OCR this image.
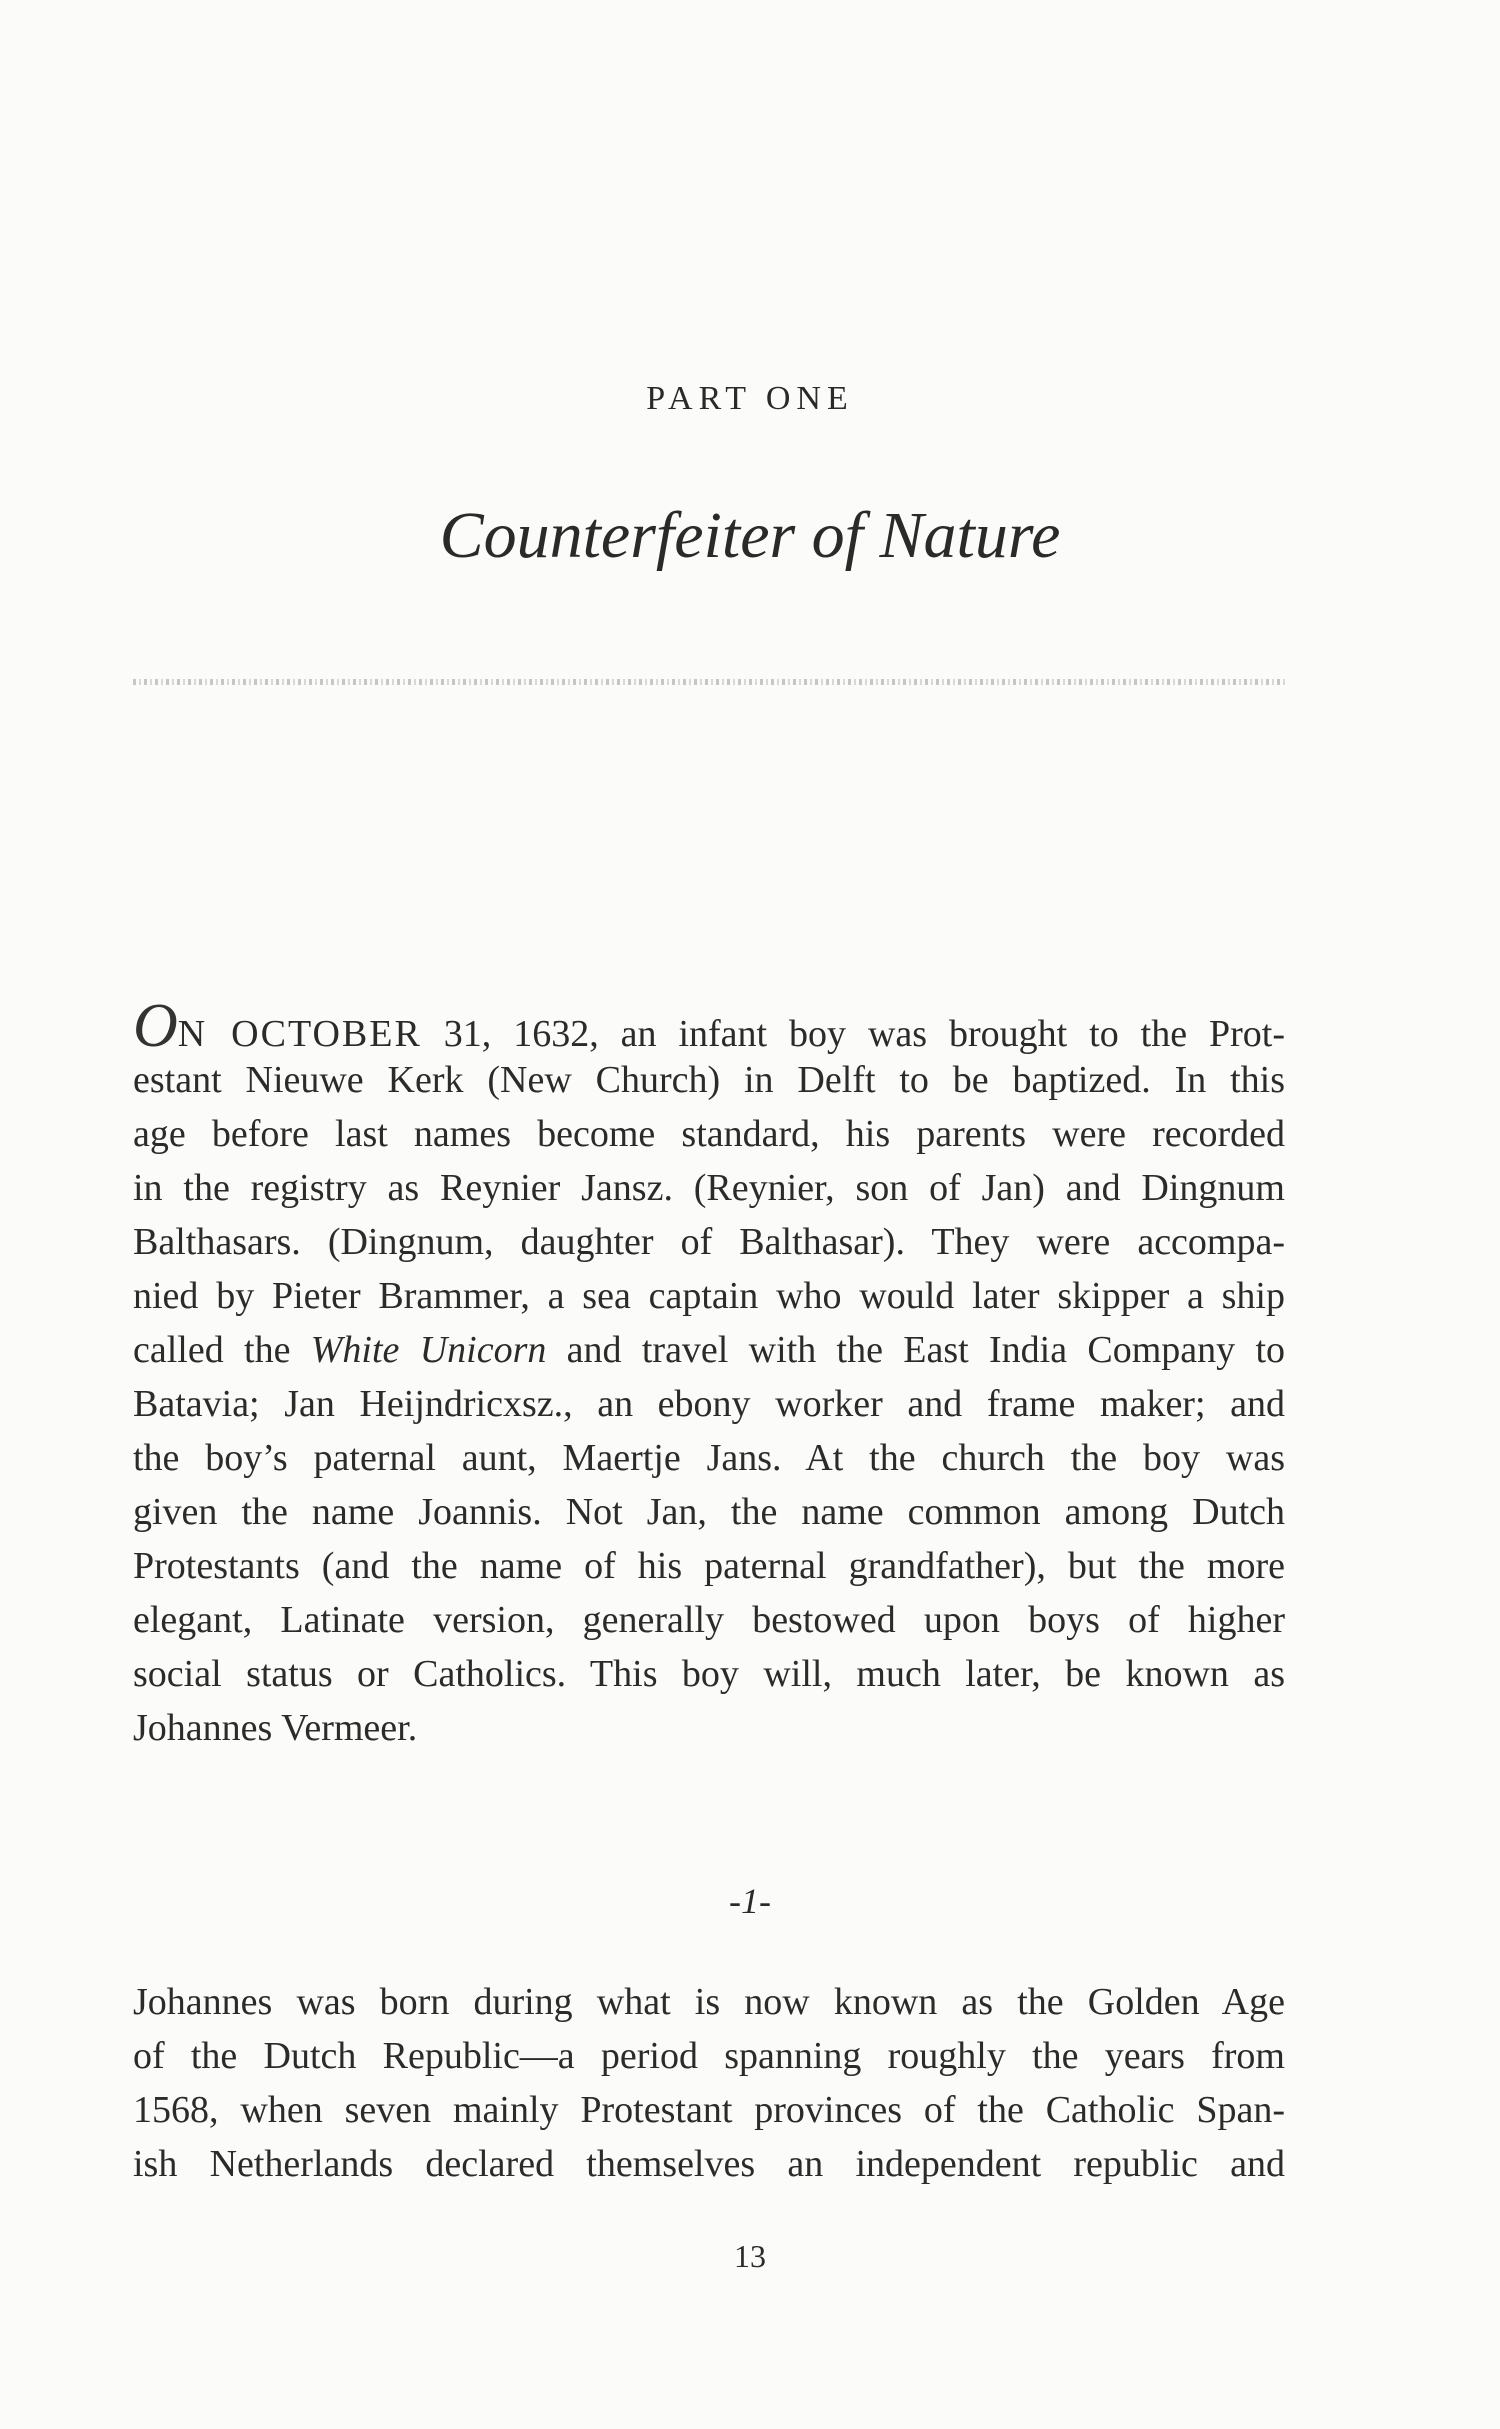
PART ONE
Counterfeiter of Nature
ON OCTOBER 31, 1632, an infant boy was brought to the Prot-
estant Nieuwe Kerk (New Church) in Delft to be baptized. In this
age before last names become standard, his parents were recorded
in the registry as Reynier Jansz. (Reynier, son of Jan) and Dingnum
Balthasars. (Dingnum, daughter of Balthasar). They were accompa-
nied by Pieter Brammer, a sea captain who would later skipper a ship
called the White Unicorn and travel with the East India Company to
Batavia; Jan Heijndricxsz., an ebony worker and frame maker; and
the boy’s paternal aunt, Maertje Jans. At the church the boy was
given the name Joannis. Not Jan, the name common among Dutch
Protestants (and the name of his paternal grandfather), but the more
elegant, Latinate version, generally bestowed upon boys of higher
social status or Catholics. This boy will, much later, be known as
Johannes Vermeer.
-1-
Johannes was born during what is now known as the Golden Age
of the Dutch Republic—a period spanning roughly the years from
1568, when seven mainly Protestant provinces of the Catholic Span-
ish Netherlands declared themselves an independent republic and
13
